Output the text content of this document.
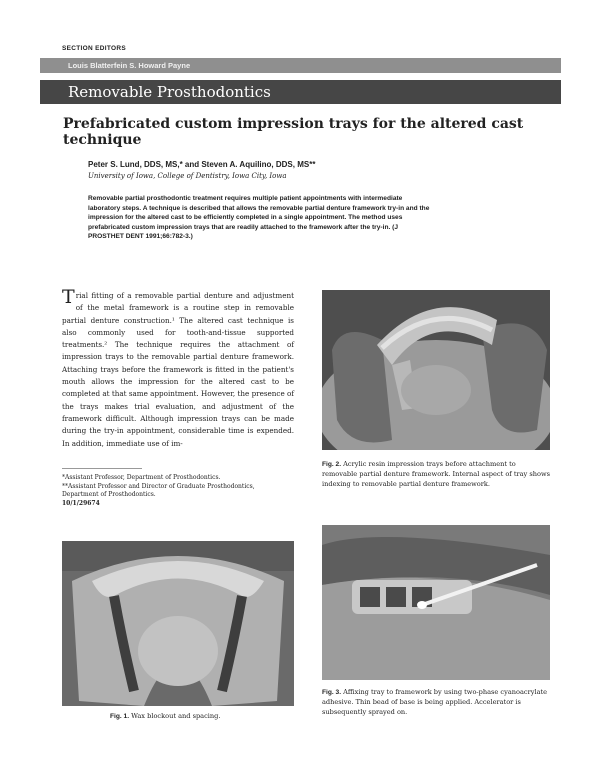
SECTION EDITORS
Louis Blatterfein S. Howard Payne
Removable Prosthodontics
Prefabricated custom impression trays for the altered cast technique
Peter S. Lund, DDS, MS,* and Steven A. Aquilino, DDS, MS**
University of Iowa, College of Dentistry, Iowa City, Iowa
Removable partial prosthodontic treatment requires multiple patient appointments with intermediate laboratory steps. A technique is described that allows the removable partial denture framework try-in and the impression for the altered cast to be efficiently completed in a single appointment. The method uses prefabricated custom impression trays that are readily attached to the framework after the try-in. (J PROSTHET DENT 1991;66:782-3.)
Trial fitting of a removable partial denture and adjustment of the metal framework is a routine step in removable partial denture construction.¹ The altered cast technique is also commonly used for tooth-and-tissue supported treatments.² The technique requires the attachment of impression trays to the removable partial denture framework. Attaching trays before the framework is fitted in the patient's mouth allows the impression for the altered cast to be completed at that same appointment. However, the presence of the trays makes trial evaluation, and adjustment of the framework difficult. Although impression trays can be made during the try-in appointment, considerable time is expended. In addition, immediate use of im-
*Assistant Professor, Department of Prosthodontics.
**Assistant Professor and Director of Graduate Prosthodontics,
Department of Prosthodontics.
10/1/29674
Fig. 2. Acrylic resin impression trays before attachment to removable partial denture framework. Internal aspect of tray shows indexing to removable partial denture framework.
Fig. 1. Wax blockout and spacing.
Fig. 3. Affixing tray to framework by using two-phase cyanoacrylate adhesive. Thin bead of base is being applied. Accelerator is subsequently sprayed on.
